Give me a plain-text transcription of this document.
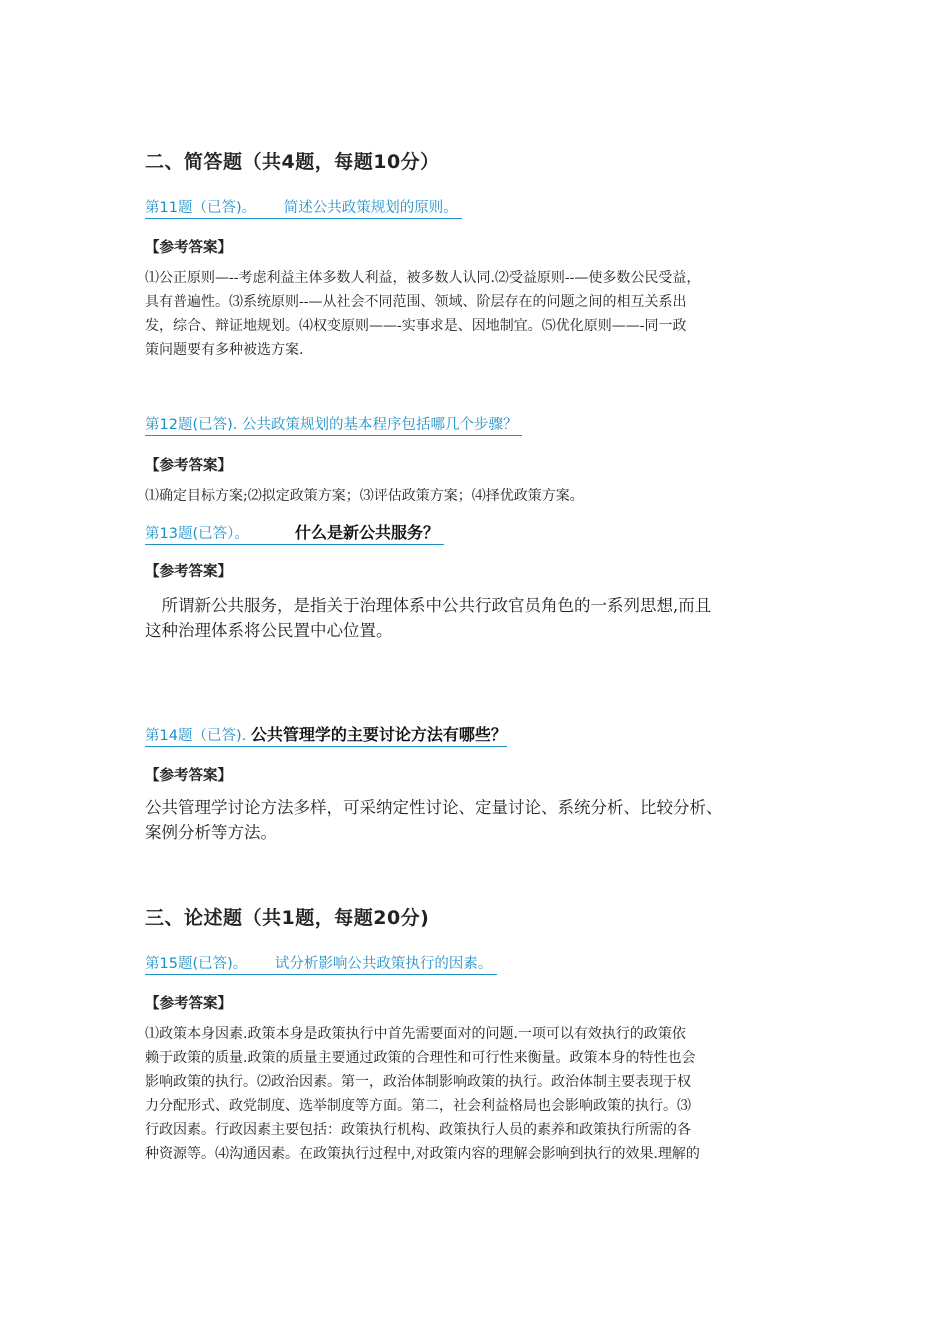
二、简答题（共4题，每题10分）
第11题（已答)。 简述公共政策规划的原则。
【参考答案】
⑴公正原则—--考虑利益主体多数人利益，被多数人认同.⑵受益原则--—使多数公民受益，
具有普遍性。⑶系统原则--—从社会不同范围、领域、阶层存在的问题之间的相互关系出
发，综合、辩证地规划。⑷权变原则——-实事求是、因地制宜。⑸优化原则——-同一政
策问题要有多种被选方案.
第12题(已答). 公共政策规划的基本程序包括哪几个步骤？
【参考答案】
⑴确定目标方案;⑵拟定政策方案；⑶评估政策方案；⑷择优政策方案。
第13题(已答）。	什么是新公共服务？
【参考答案】
　所谓新公共服务，是指关于治理体系中公共行政官员角色的一系列思想,而且
这种治理体系将公民置中心位置。
第14题（已答). 公共管理学的主要讨论方法有哪些？
【参考答案】
公共管理学讨论方法多样，可采纳定性讨论、定量讨论、系统分析、比较分析、
案例分析等方法。
三、论述题（共1题，每题20分)
第15题(已答)。 试分析影响公共政策执行的因素。
【参考答案】
⑴政策本身因素.政策本身是政策执行中首先需要面对的问题.一项可以有效执行的政策依
赖于政策的质量.政策的质量主要通过政策的合理性和可行性来衡量。政策本身的特性也会
影响政策的执行。⑵政治因素。第一，政治体制影响政策的执行。政治体制主要表现于权
力分配形式、政党制度、选举制度等方面。第二，社会利益格局也会影响政策的执行。⑶
行政因素。行政因素主要包括：政策执行机构、政策执行人员的素养和政策执行所需的各
种资源等。⑷沟通因素。在政策执行过程中,对政策内容的理解会影响到执行的效果.理解的
